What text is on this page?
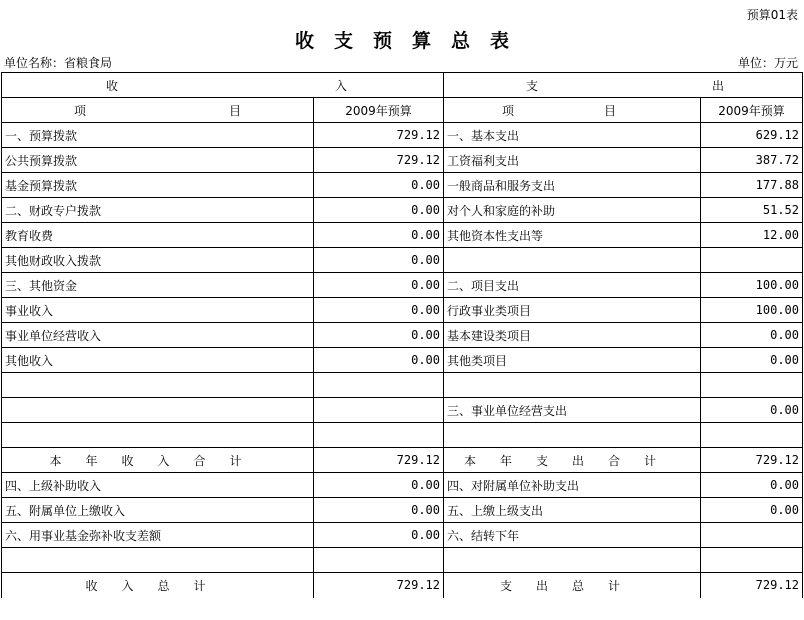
预算01表
收支预算总表
单位名称：省粮食局	单位：万元
收 入		支 出	

项 目	2009年预算	项 目	2009年预算
一、预算拨款	729.12	一、基本支出	629.12
公共预算拨款	729.12	工资福利支出	387.72
基金预算拨款	0.00	一般商品和服务支出	177.88
二、财政专户拨款	0.00	对个人和家庭的补助	51.52
教育收费	0.00	其他资本性支出等	12.00
其他财政收入拨款	0.00		
三、其他资金	0.00	二、项目支出	100.00
事业收入	0.00	行政事业类项目	100.00
事业单位经营收入	0.00	基本建设类项目	0.00
其他收入	0.00	其他类项目	0.00

		三、事业单位经营支出	0.00

本年收入合计	729.12	本年支出合计	729.12
四、上级补助收入	0.00	四、对附属单位补助支出	0.00
五、附属单位上缴收入	0.00	五、上缴上级支出	0.00
六、用事业基金弥补收支差额	0.00	六、结转下年	

收入总计	729.12	支出总计	729.12
